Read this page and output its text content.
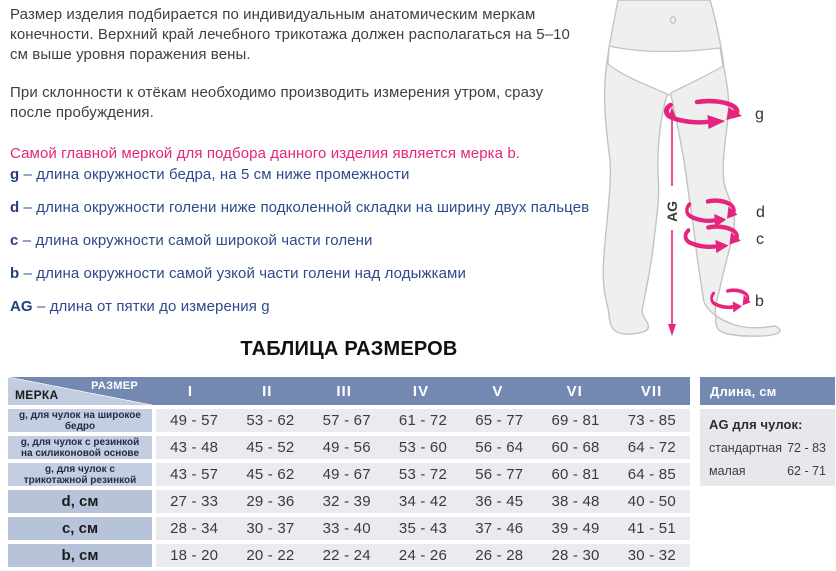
AG
g
d
c
b

Размер изделия подбирается по индивидуальным анатомическим меркам конечности. Верхний край лечебного трикотажа должен располагаться на 5–10 см выше уровня поражения вены.

При склонности к отёкам необходимо производить измерения утром, сразу после пробуждения.

Самой главной меркой для подбора данного изделия является мерка b.

g – длина окружности бедра, на 5 см ниже промежности
d – длина окружности голени ниже подколенной складки на ширину двух пальцев
c – длина окружности самой широкой части голени
b – длина окружности самой узкой части голени над лодыжками
AG – длина от пятки до измерения g
ТАБЛИЦА РАЗМЕРОВ
РАЗМЕР
МЕРКА	I	II	III	IV	V	VI	VII
g, для чулок на широкое
бедро	49 - 57	53 - 62	57 - 67	61 - 72	65 - 77	69 - 81	73 - 85
g, для чулок с резинкой
на силиконовой основе	43 - 48	45 - 52	49 - 56	53 - 60	56 - 64	60 - 68	64 - 72
g, для чулок с
трикотажной резинкой	43 - 57	45 - 62	49 - 67	53 - 72	56 - 77	60 - 81	64 - 85
d, см	27 - 33	29 - 36	32 - 39	34 - 42	36 - 45	38 - 48	40 - 50
c, см	28 - 34	30 - 37	33 - 40	35 - 43	37 - 46	39 - 49	41 - 51
b, см	18 - 20	20 - 22	22 - 24	24 - 26	26 - 28	28 - 30	30 - 32
Длина, см
AG для чулок:
стандартная 72 - 83
малая	62 - 71
